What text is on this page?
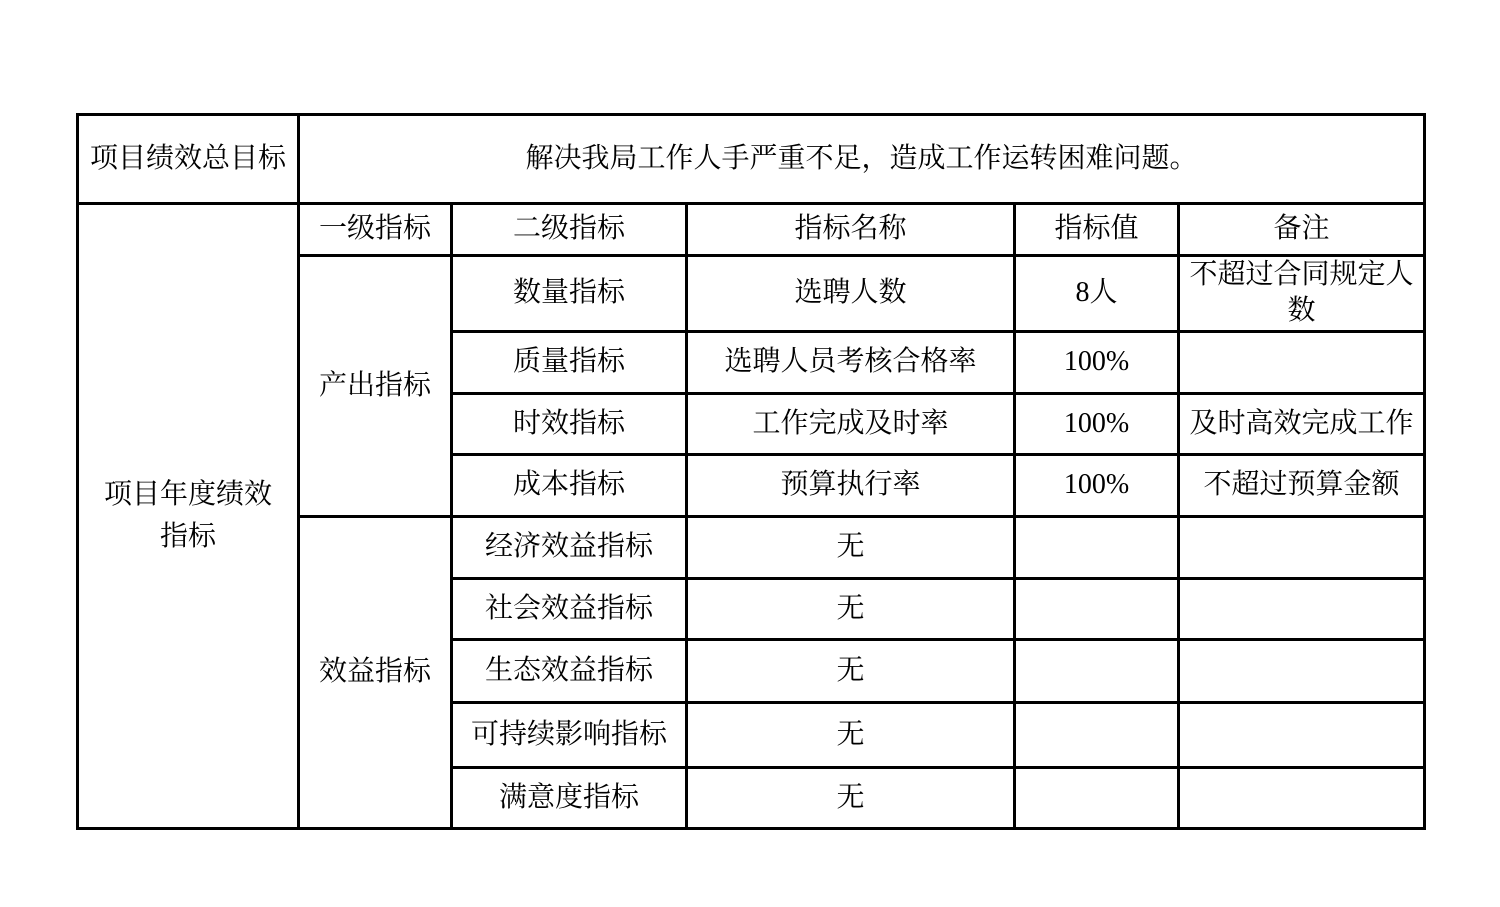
项目绩效总目标	解决我局工作人手严重不足，造成工作运转困难问题。				

项目年度绩效指标	一级指标	二级指标	指标名称	指标值	备注
	产出指标	数量指标	选聘人数	8人	不超过合同规定人数
		质量指标	选聘人员考核合格率	100%	
		时效指标	工作完成及时率	100%	及时高效完成工作
		成本指标	预算执行率	100%	不超过预算金额
	效益指标	经济效益指标	无		
		社会效益指标	无		
		生态效益指标	无		
		可持续影响指标	无		
		满意度指标	无		
